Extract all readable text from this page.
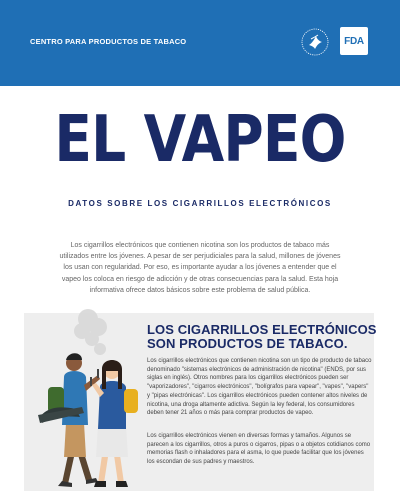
CENTRO PARA PRODUCTOS DE TABACO	FDA
EL VAPEO
DATOS SOBRE LOS CIGARRILLOS ELECTRÓNICOS
Los cigarrillos electrónicos que contienen nicotina son los productos de tabaco más utilizados entre los jóvenes. A pesar de ser perjudiciales para la salud, millones de jóvenes los usan con regularidad. Por eso, es importante ayudar a los jóvenes a entender que el vapeo los coloca en riesgo de adicción y de otras consecuencias para la salud. Esta hoja informativa ofrece datos básicos sobre este problema de salud pública.
LOS CIGARRILLOS ELECTRÓNICOS SON PRODUCTOS DE TABACO.
Los cigarrillos electrónicos que contienen nicotina son un tipo de producto de tabaco denominado "sistemas electrónicos de administración de nicotina" (ENDS, por sus siglas en inglés). Otros nombres para los cigarrillos electrónicos pueden ser "vaporizadores", "cigarros electrónicos", "bolígrafos para vapear", "vapes", "vapers" y "pipas electrónicas". Los cigarrillos electrónicos pueden contener altos niveles de nicotina, una droga altamente adictiva. Según la ley federal, los consumidores deben tener 21 años o más para comprar productos de vapeo.
Los cigarrillos electrónicos vienen en diversas formas y tamaños. Algunos se parecen a los cigarrillos, otros a puros o cigarros, pipas o a objetos cotidianos como memorias flash o inhaladores para el asma, lo que puede facilitar que los jóvenes los escondan de sus padres y maestros.
